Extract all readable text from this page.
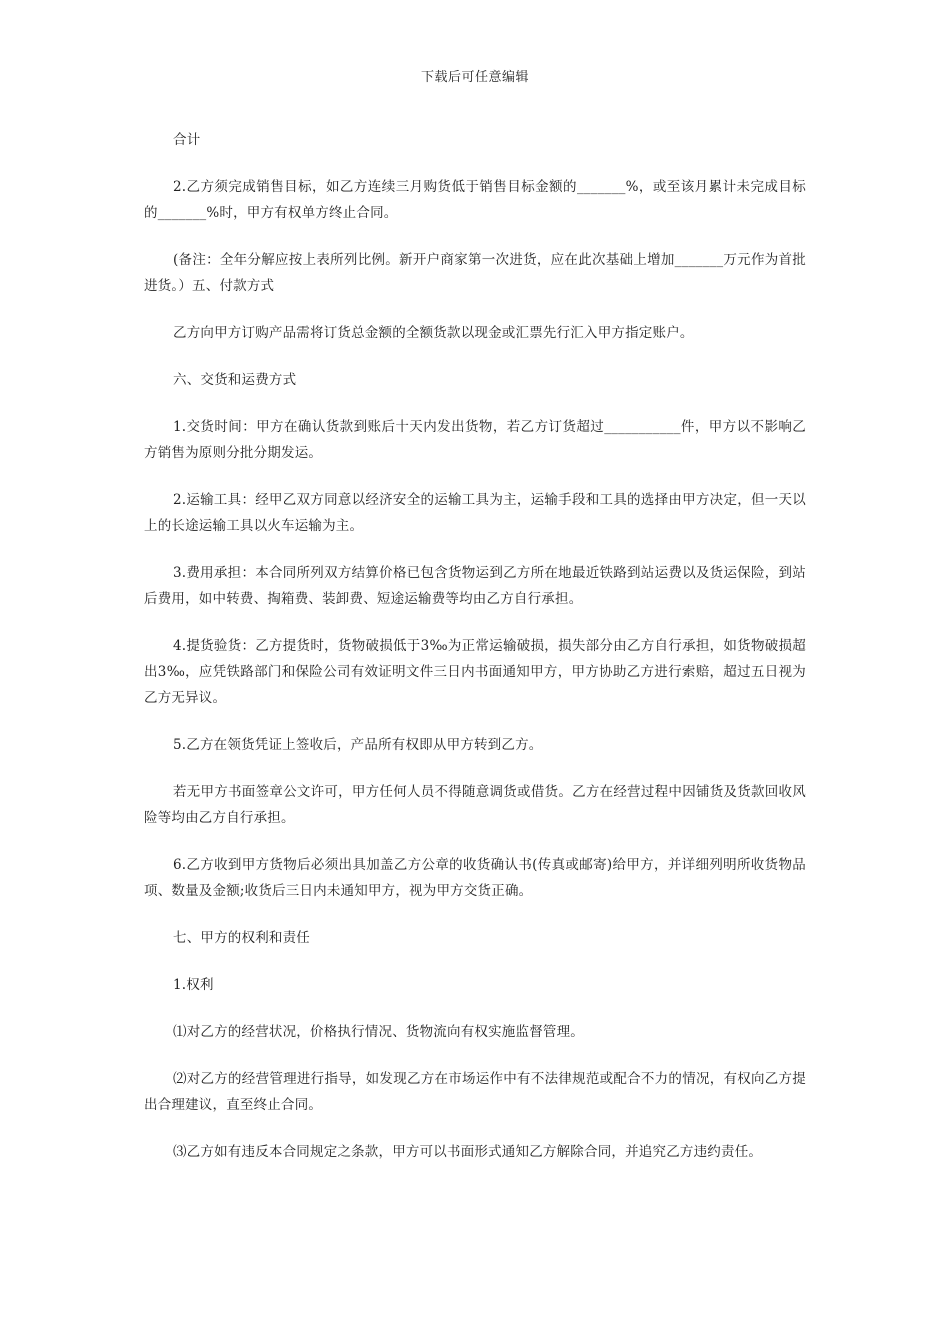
下载后可任意编辑

合计

2.乙方须完成销售目标，如乙方连续三月购货低于销售目标金额的_______%，或至该月累计未完成目标的_______%时，甲方有权单方终止合同。

(备注：全年分解应按上表所列比例。新开户商家第一次进货，应在此次基础上增加_______万元作为首批进货。）五、付款方式

乙方向甲方订购产品需将订货总金额的全额货款以现金或汇票先行汇入甲方指定账户。

六、交货和运费方式

1.交货时间：甲方在确认货款到账后十天内发出货物，若乙方订货超过___________件，甲方以不影响乙方销售为原则分批分期发运。

2.运输工具：经甲乙双方同意以经济安全的运输工具为主，运输手段和工具的选择由甲方决定，但一天以上的长途运输工具以火车运输为主。

3.费用承担：本合同所列双方结算价格已包含货物运到乙方所在地最近铁路到站运费以及货运保险，到站后费用，如中转费、掏箱费、装卸费、短途运输费等均由乙方自行承担。

4.提货验货：乙方提货时，货物破损低于3‰为正常运输破损，损失部分由乙方自行承担，如货物破损超出3‰，应凭铁路部门和保险公司有效证明文件三日内书面通知甲方，甲方协助乙方进行索赔，超过五日视为乙方无异议。

5.乙方在领货凭证上签收后，产品所有权即从甲方转到乙方。

若无甲方书面签章公文许可，甲方任何人员不得随意调货或借货。乙方在经营过程中因铺货及货款回收风险等均由乙方自行承担。

6.乙方收到甲方货物后必须出具加盖乙方公章的收货确认书(传真或邮寄)给甲方，并详细列明所收货物品项、数量及金额;收货后三日内未通知甲方，视为甲方交货正确。

七、甲方的权利和责任

1.权利

⑴对乙方的经营状况，价格执行情况、货物流向有权实施监督管理。

⑵对乙方的经营管理进行指导，如发现乙方在市场运作中有不法律规范或配合不力的情况，有权向乙方提出合理建议，直至终止合同。

⑶乙方如有违反本合同规定之条款，甲方可以书面形式通知乙方解除合同，并追究乙方违约责任。
